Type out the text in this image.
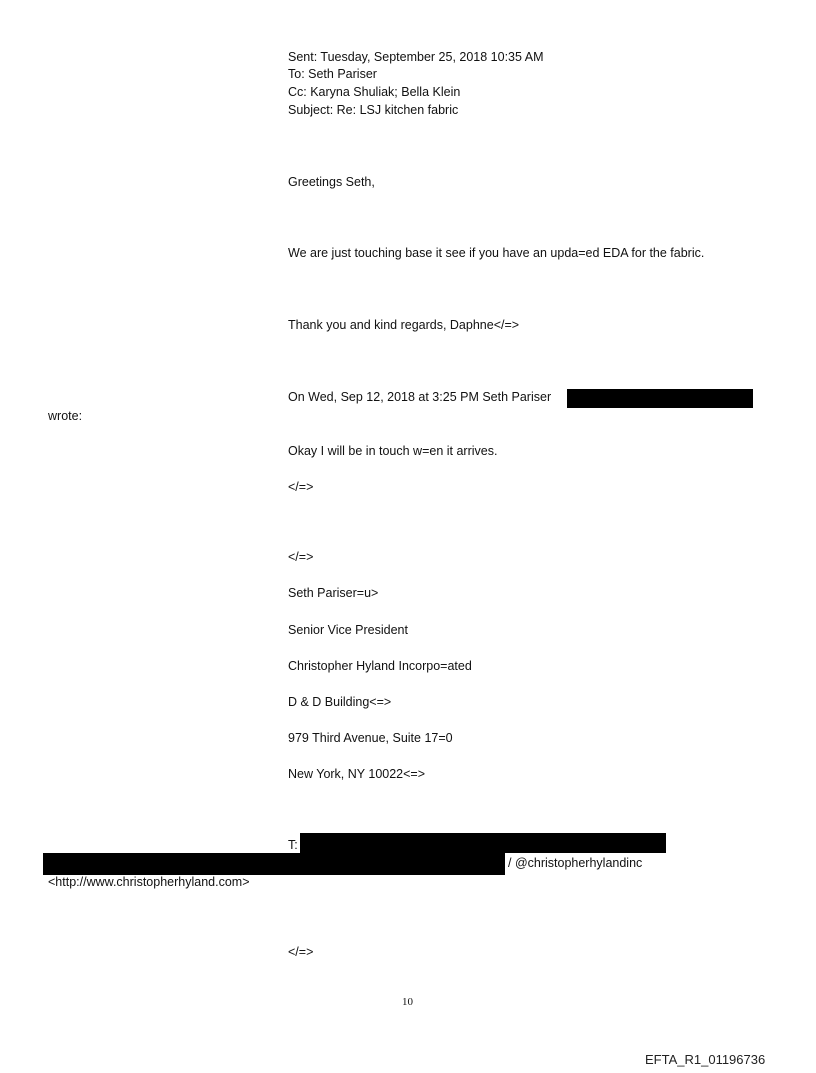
Sent: Tuesday, September 25, 2018 10:35 AM
To: Seth Pariser
Cc: Karyna Shuliak; Bella Klein
Subject: Re: LSJ kitchen fabric
Greetings Seth,
We are just touching base it see if you have an upda=ed EDA for the fabric.
Thank you and kind regards, Daphne</=>
On Wed, Sep 12, 2018 at 3:25 PM Seth Pariser
wrote:
Okay I will be in touch w=en it arrives.
</=>
</=>
Seth Pariser=u>
Senior Vice President
Christopher Hyland Incorpo=ated
D & D Building<=>
979 Third Avenue, Suite 17=0
New York, NY 10022<=>
T:
/ @christopherhylandinc
<http://www.christopherhyland.com>
</=>
10
EFTA_R1_01196736
